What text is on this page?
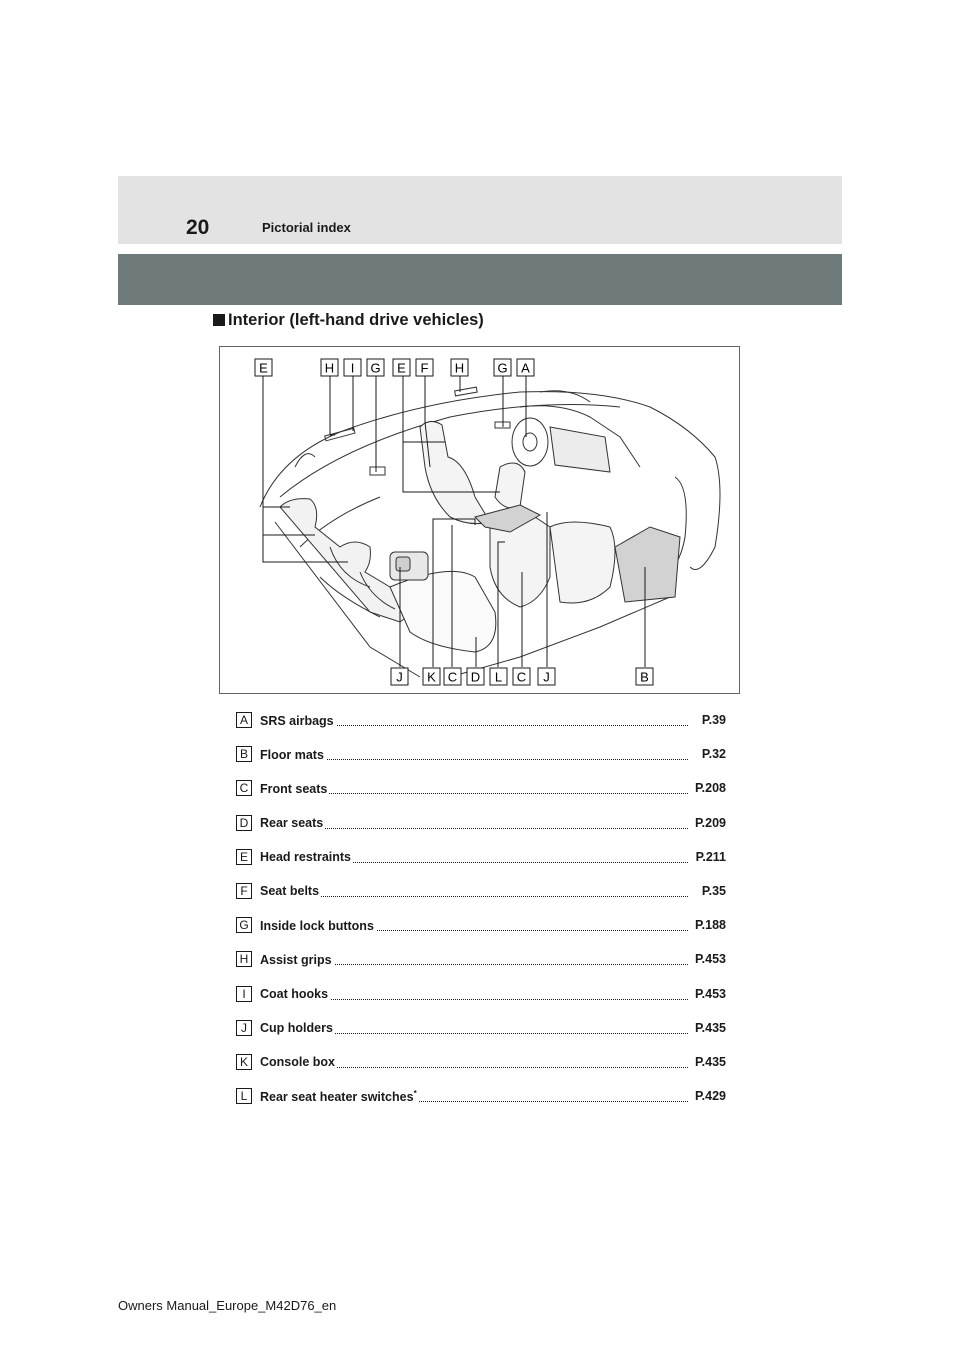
20	Pictorial index
Interior (left-hand drive vehicles)
E	H I G E F H	G A
J K C D L C J	B
A SRS airbags	P.39
B Floor mats	P.32
C Front seats	P.208
D Rear seats	P.209
E Head restraints	P.211
F Seat belts	P.35
G Inside lock buttons	P.188
H Assist grips	P.453
I	Coat hooks	P.453
J	Cup holders	P.435
K Console box	P.435
L	Rear seat heater switches*	P.429
Owners Manual_Europe_M42D76_en
